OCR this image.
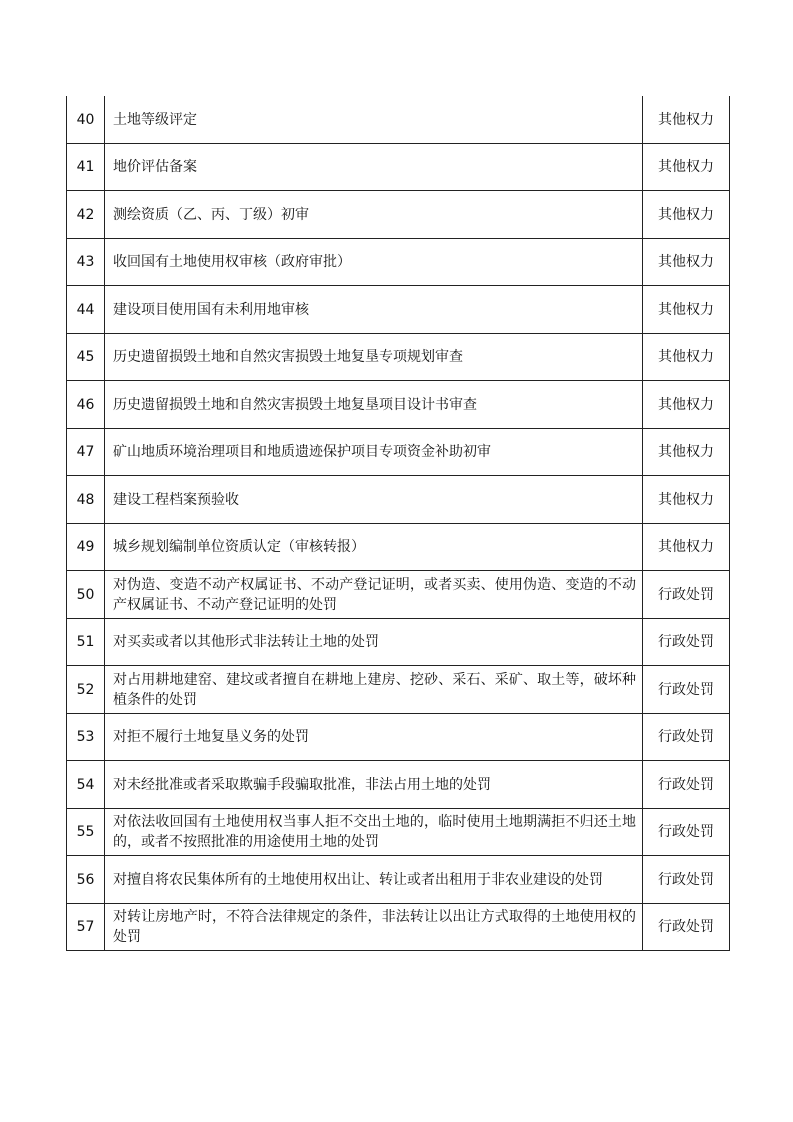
40	土地等级评定	其他权力
41	地价评估备案	其他权力
42	测绘资质（乙、丙、丁级）初审	其他权力
43	收回国有土地使用权审核（政府审批）	其他权力
44	建设项目使用国有未利用地审核	其他权力
45	历史遗留损毁土地和自然灾害损毁土地复垦专项规划审查	其他权力
46	历史遗留损毁土地和自然灾害损毁土地复垦项目设计书审查	其他权力
47	矿山地质环境治理项目和地质遗迹保护项目专项资金补助初审	其他权力
48	建设工程档案预验收	其他权力
49	城乡规划编制单位资质认定（审核转报）	其他权力
50	对伪造、变造不动产权属证书、不动产登记证明，或者买卖、使用伪造、变造的不动产权属证书、不动产登记证明的处罚	行政处罚
51	对买卖或者以其他形式非法转让土地的处罚	行政处罚
52	对占用耕地建窑、建坟或者擅自在耕地上建房、挖砂、采石、采矿、取土等，破坏种植条件的处罚	行政处罚
53	对拒不履行土地复垦义务的处罚	行政处罚
54	对未经批准或者采取欺骗手段骗取批准，非法占用土地的处罚	行政处罚
55	对依法收回国有土地使用权当事人拒不交出土地的，临时使用土地期满拒不归还土地的，或者不按照批准的用途使用土地的处罚	行政处罚
56	对擅自将农民集体所有的土地使用权出让、转让或者出租用于非农业建设的处罚	行政处罚
57	对转让房地产时，不符合法律规定的条件，非法转让以出让方式取得的土地使用权的处罚	行政处罚
